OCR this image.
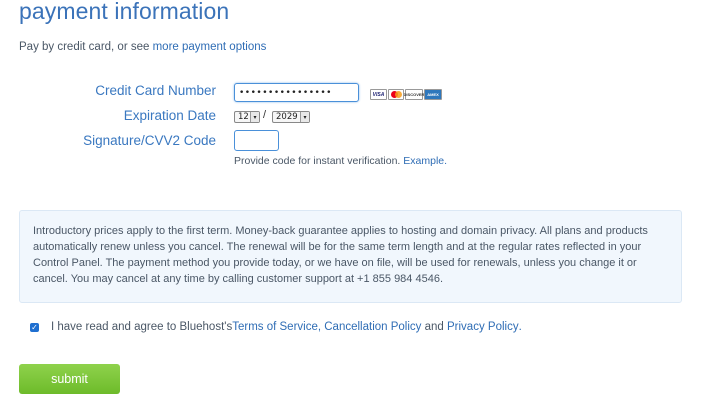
payment information
Pay by credit card, or see more payment options
Credit Card Number	••••••••••••••••	VISA	DISCOVER AMEX
Expiration Date	12 ▾ / 2029 ▾
Signature/CVV2 Code
Provide code for instant verification. Example.
Introductory prices apply to the first term. Money-back guarantee applies to hosting and domain privacy. All plans and products automatically renew unless you cancel. The renewal will be for the same term length and at the regular rates reflected in your Control Panel. The payment method you provide today, or we have on file, will be used for renewals, unless you change it or cancel. You may cancel at any time by calling customer support at +1 855 984 4546.
✓ I have read and agree to Bluehost's Terms of Service , Cancellation Policy and Privacy Policy .
submit
